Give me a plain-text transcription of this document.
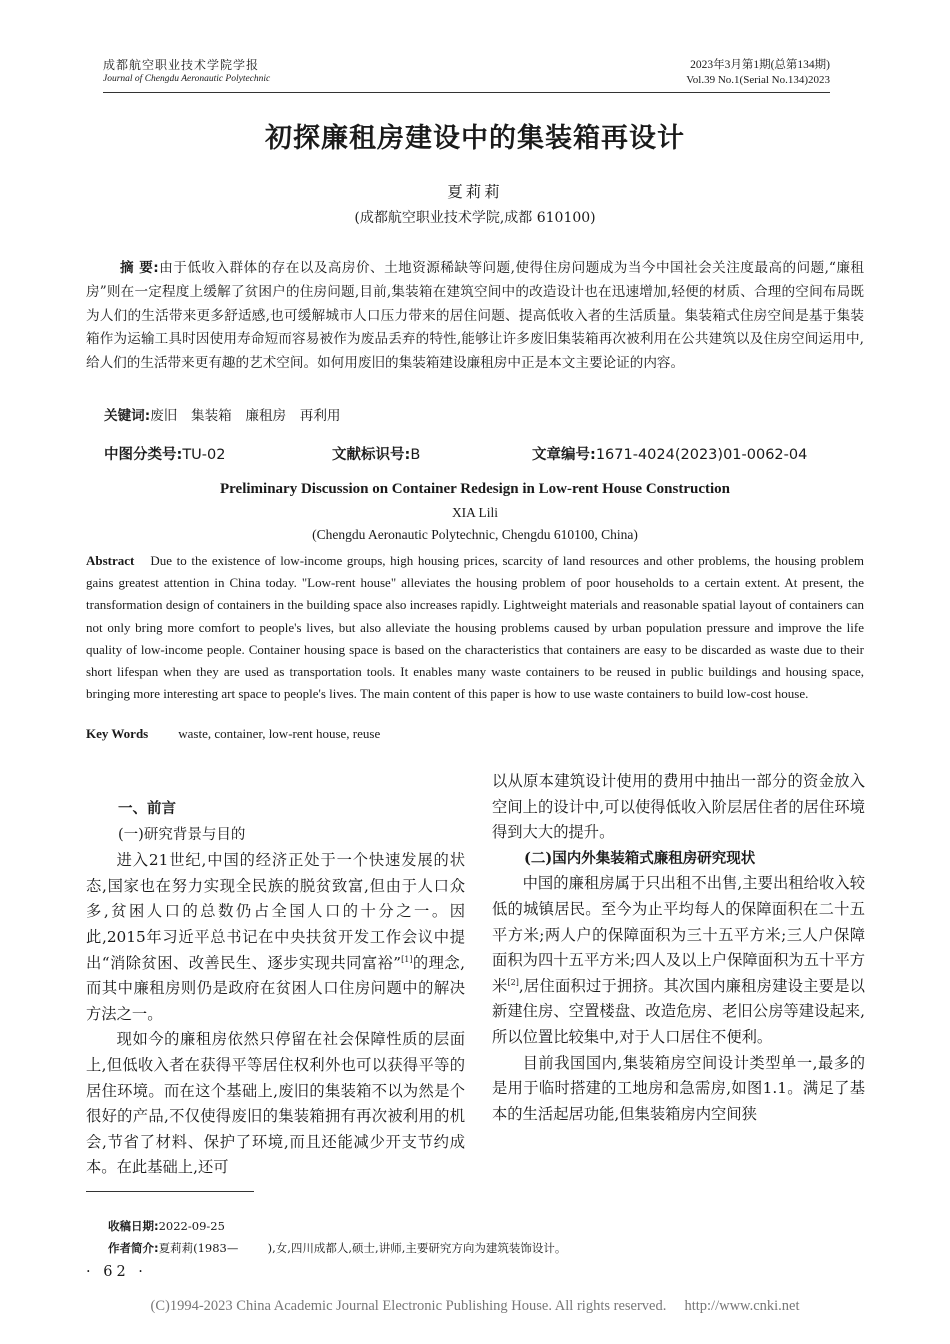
成都航空职业技术学院学报
Journal of Chengdu Aeronautic Polytechnic
2023年3月第1期(总第134期)
Vol.39 No.1(Serial No.134)2023
初探廉租房建设中的集装箱再设计
夏莉莉
(成都航空职业技术学院,成都 610100)
摘 要:由于低收入群体的存在以及高房价、土地资源稀缺等问题,使得住房问题成为当今中国社会关注度最高的问题,“廉租房”则在一定程度上缓解了贫困户的住房问题,目前,集装箱在建筑空间中的改造设计也在迅速增加,轻便的材质、合理的空间布局既为人们的生活带来更多舒适感,也可缓解城市人口压力带来的居住问题、提高低收入者的生活质量。集装箱式住房空间是基于集装箱作为运输工具时因使用寿命短而容易被作为废品丢弃的特性,能够让许多废旧集装箱再次被利用在公共建筑以及住房空间运用中,给人们的生活带来更有趣的艺术空间。如何用废旧的集装箱建设廉租房中正是本文主要论证的内容。
关键词:废旧  集装箱  廉租房  再利用
中图分类号:TU-02	文献标识号:B	文章编号:1671-4024(2023)01-0062-04
Preliminary Discussion on Container Redesign in Low-rent House Construction
XIA Lili
(Chengdu Aeronautic Polytechnic, Chengdu 610100, China)
Abstract Due to the existence of low-income groups, high housing prices, scarcity of land resources and other problems, the housing problem gains greatest attention in China today. "Low-rent house" alleviates the housing problem of poor households to a certain extent. At present, the transformation design of containers in the building space also increases rapidly. Lightweight materials and reasonable spatial layout of containers can not only bring more comfort to people's lives, but also alleviate the housing problems caused by urban population pressure and improve the life quality of low-income people. Container housing space is based on the characteristics that containers are easy to be discarded as waste due to their short lifespan when they are used as transportation tools. It enables many waste containers to be reused in public buildings and housing space, bringing more interesting art space to people's lives. The main content of this paper is how to use waste containers to build low-cost house.
Key Words waste, container, low-rent house, reuse

一、前言

(一)研究背景与目的

进入21世纪,中国的经济正处于一个快速发展的状态,国家也在努力实现全民族的脱贫致富,但由于人口众多,贫困人口的总数仍占全国人口的十分之一。因此,2015年习近平总书记在中央扶贫开发工作会议中提出“消除贫困、改善民生、逐步实现共同富裕”[1]的理念,而其中廉租房则仍是政府在贫困人口住房问题中的解决方法之一。

现如今的廉租房依然只停留在社会保障性质的层面上,但低收入者在获得平等居住权利外也可以获得平等的居住环境。而在这个基础上,废旧的集装箱不以为然是个很好的产品,不仅使得废旧的集装箱拥有再次被利用的机会,节省了材料、保护了环境,而且还能减少开支节约成本。在此基础上,还可

以从原本建筑设计使用的费用中抽出一部分的资金放入空间上的设计中,可以使得低收入阶层居住者的居住环境得到大大的提升。

(二)国内外集装箱式廉租房研究现状

中国的廉租房属于只出租不出售,主要出租给收入较低的城镇居民。至今为止平均每人的保障面积在二十五平方米;两人户的保障面积为三十五平方米;三人户保障面积为四十五平方米;四人及以上户保障面积为五十平方米[2],居住面积过于拥挤。其次国内廉租房建设主要是以新建住房、空置楼盘、改造危房、老旧公房等建设起来,所以位置比较集中,对于人口居住不便利。

目前我国国内,集装箱房空间设计类型单一,最多的是用于临时搭建的工地房和急需房,如图1.1。满足了基本的生活起居功能,但集装箱房内空间狭

收稿日期:2022-09-25
作者简介:夏莉莉(1983—        ),女,四川成都人,硕士,讲师,主要研究方向为建筑装饰设计。
· 62 ·
(C)1994-2023 China Academic Journal Electronic Publishing House. All rights reserved.     http://www.cnki.net
